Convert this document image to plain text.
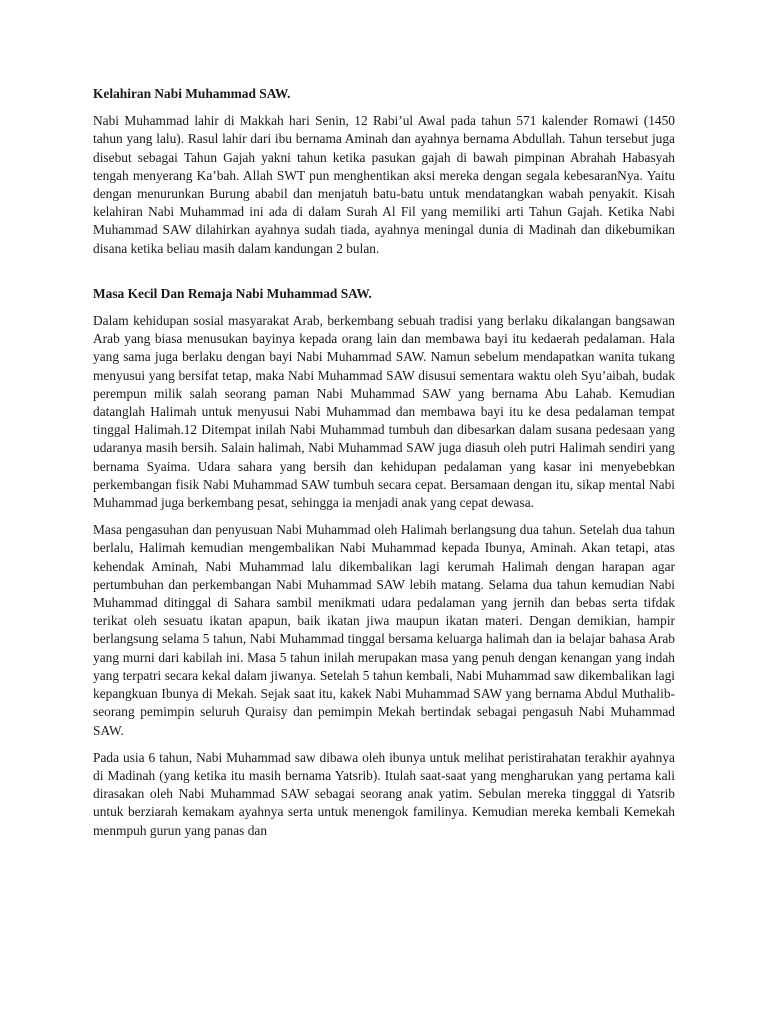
Kelahiran Nabi Muhammad SAW.

Nabi Muhammad lahir di Makkah hari Senin, 12 Rabi’ul Awal pada tahun 571 kalender Romawi (1450 tahun yang lalu). Rasul lahir dari ibu bernama Aminah dan ayahnya bernama Abdullah. Tahun tersebut juga disebut sebagai Tahun Gajah yakni tahun ketika pasukan gajah di bawah pimpinan Abrahah Habasyah tengah menyerang Ka’bah. Allah SWT pun menghentikan aksi mereka dengan segala kebesaranNya. Yaitu dengan menurunkan Burung ababil dan menjatuh batu-batu untuk mendatangkan wabah penyakit. Kisah kelahiran Nabi Muhammad ini ada di dalam Surah Al Fil yang memiliki arti Tahun Gajah. Ketika Nabi Muhammad SAW dilahirkan ayahnya sudah tiada, ayahnya meningal dunia di Madinah dan dikebumikan disana ketika beliau masih dalam kandungan 2 bulan.

Masa Kecil Dan Remaja Nabi Muhammad SAW.

Dalam kehidupan sosial masyarakat Arab, berkembang sebuah tradisi yang berlaku dikalangan bangsawan Arab yang biasa menusukan bayinya kepada orang lain dan membawa bayi itu kedaerah pedalaman. Hala yang sama juga berlaku dengan bayi Nabi Muhammad SAW. Namun sebelum mendapatkan wanita tukang menyusui yang bersifat tetap, maka Nabi Muhammad SAW disusui sementara waktu oleh Syu’aibah, budak perempun milik salah seorang paman Nabi Muhammad SAW yang bernama Abu Lahab. Kemudian datanglah Halimah untuk menyusui Nabi Muhammad dan membawa bayi itu ke desa pedalaman tempat tinggal Halimah.12 Ditempat inilah Nabi Muhammad tumbuh dan dibesarkan dalam susana pedesaan yang udaranya masih bersih. Salain halimah, Nabi Muhammad SAW juga diasuh oleh putri Halimah sendiri yang bernama Syaima. Udara sahara yang bersih dan kehidupan pedalaman yang kasar ini menyebebkan perkembangan fisik Nabi Muhammad SAW tumbuh secara cepat. Bersamaan dengan itu, sikap mental Nabi Muhammad juga berkembang pesat, sehingga ia menjadi anak yang cepat dewasa.

Masa pengasuhan dan penyusuan Nabi Muhammad oleh Halimah berlangsung dua tahun. Setelah dua tahun berlalu, Halimah kemudian mengembalikan Nabi Muhammad kepada Ibunya, Aminah. Akan tetapi, atas kehendak Aminah, Nabi Muhammad lalu dikembalikan lagi kerumah Halimah dengan harapan agar pertumbuhan dan perkembangan Nabi Muhammad SAW lebih matang. Selama dua tahun kemudian Nabi Muhammad ditinggal di Sahara sambil menikmati udara pedalaman yang jernih dan bebas serta tifdak terikat oleh sesuatu ikatan apapun, baik ikatan jiwa maupun ikatan materi. Dengan demikian, hampir berlangsung selama 5 tahun, Nabi Muhammad tinggal bersama keluarga halimah dan ia belajar bahasa Arab yang murni dari kabilah ini. Masa 5 tahun inilah merupakan masa yang penuh dengan kenangan yang indah yang terpatri secara kekal dalam jiwanya. Setelah 5 tahun kembali, Nabi Muhammad saw dikembalikan lagi kepangkuan Ibunya di Mekah. Sejak saat itu, kakek Nabi Muhammad SAW yang bernama Abdul Muthalib-seorang pemimpin seluruh Quraisy dan pemimpin Mekah bertindak sebagai pengasuh Nabi Muhammad SAW.

Pada usia 6 tahun, Nabi Muhammad saw dibawa oleh ibunya untuk melihat peristirahatan terakhir ayahnya di Madinah (yang ketika itu masih bernama Yatsrib). Itulah saat-saat yang mengharukan yang pertama kali dirasakan oleh Nabi Muhammad SAW sebagai seorang anak yatim. Sebulan mereka tingggal di Yatsrib untuk berziarah kemakam ayahnya serta untuk menengok familinya. Kemudian mereka kembali Kemekah menmpuh gurun yang panas dan
